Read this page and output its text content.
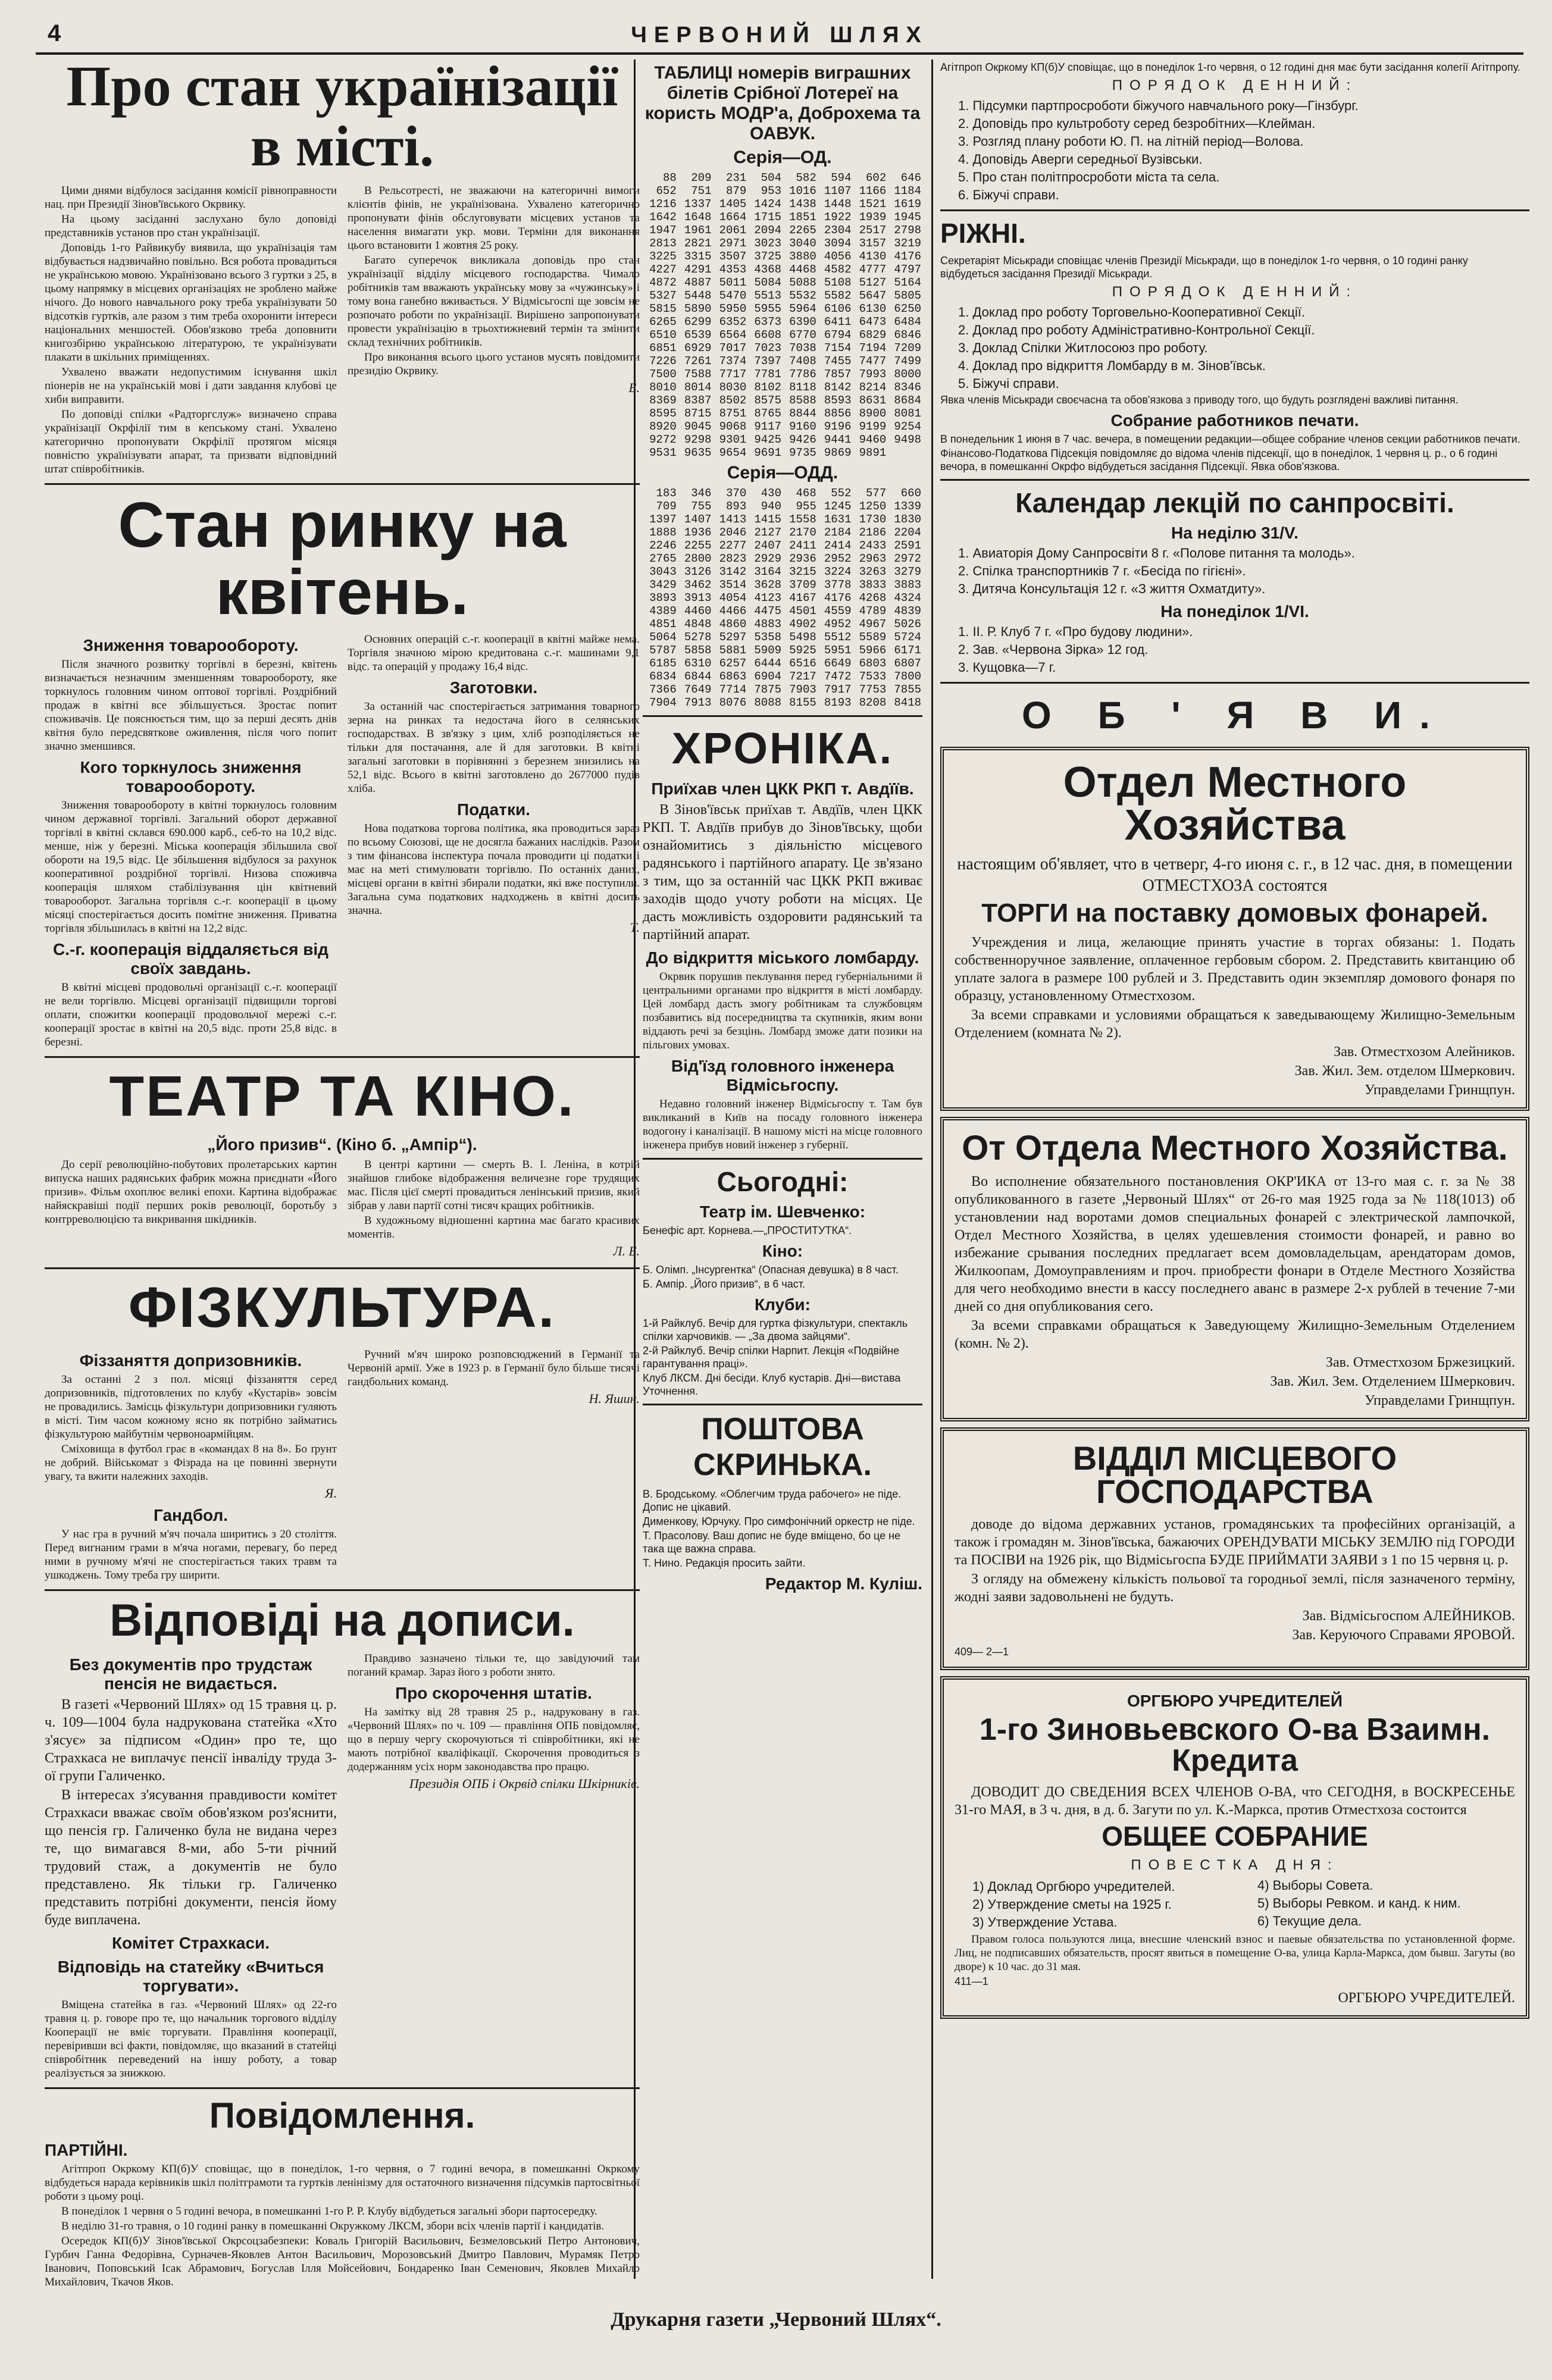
4	ЧЕРВОНИЙ ШЛЯХ
Про стан українізації в місті.
Цими днями відбулося засідання комісії рівноправности нац. при Президії Зінов'ївського Окрвику.
На цьому засіданні заслухано було доповіді представників установ про стан українізації.
Доповідь 1-го Райвикубу виявила, що українізація там відбувається надзвичайно повільно. Вся робота провадиться не українською мовою. Українізовано всього 3 гуртки з 25, в цьому напрямку в місцевих організаціях не зроблено майже нічого. До нового навчального року треба українізувати 50 відсотків гуртків, але разом з тим треба охоронити інтереси національних меншостей. Обов'язково треба доповнити книгозбірню українською літературою, те українізувати плакати в шкільних приміщеннях.
Ухвалено вважати недопустимим існування шкіл піонерів не на українській мові і дати завдання клубові це хиби виправити.
По доповіді спілки «Радторгслуж» визначено справа українізації Окрфілії тим в кепському стані. Ухвалено категорично пропонувати Окрфілії протягом місяця повністю українізувати апарат, та призвати відповідний штат співробітників.
В Рельсотресті, не зважаючи на категоричні вимоги клієнтів фінів, не українізована. Ухвалено категорично пропонувати фінів обслуговувати місцевих установ та населення вимагати укр. мови. Терміни для виконання цього встановити 1 жовтня 25 року.
Багато суперечок викликала доповідь про стан українізації відділу місцевого господарства. Чимало робітників там вважають українську мову за «чужинську» і тому вона ганебно вживається. У Відмісьгоспі ще зовсім не розпочато роботи по українізації. Вирішено запропонувати провести українізацію в трьохтижневий термін та змінити склад технічних робітників.
Про виконання всього цього установ мусять повідомити президію Окрвику.
Б.
Стан ринку на квітень.
Зниження товарообороту.
Після значного розвитку торгівлі в березні, квітень визначається незначним зменшенням товарообороту, яке торкнулось головним чином оптової торгівлі. Роздрібний продаж в квітні все збільшується. Зростає попит споживачів. Це пояснюється тим, що за перші десять днів квітня було передсвяткове оживлення, після чого попит значно зменшився.
Кого торкнулось зниження товарообороту.
Зниження товарообороту в квітні торкнулось головним чином державної торгівлі. Загальний оборот державної торгівлі в квітні склався 690.000 карб., себ-то на 10,2 відс. менше, ніж у березні. Міська кооперація збільшила свої обороти на 19,5 відс. Це збільшення відбулося за рахунок кооперативної роздрібної торгівлі. Низова споживча кооперація шляхом стабілізування цін квітневий товарооборот. Загальна торгівля с.-г. кооперації в цьому місяці спостерігається досить помітне зниження. Приватна торгівля збільшилась в квітні на 12,2 відс.
С.-г. кооперація віддаляється від своїх завдань.
В квітні місцеві продовольчі організації с.-г. кооперації не вели торгівлю. Місцеві організації підвищили торгові оплати, спожитки кооперації продовольчої мережі с.-г. кооперації зростає в квітні на 20,5 відс. проти 25,8 відс. в березні.
Основних операцій с.-г. кооперації в квітні майже нема. Торгівля значною мірою кредитована с.-г. машинами 9,1 відс. та операцій у продажу 16,4 відс.
Заготовки.
За останній час спостерігається затримання товарного зерна на ринках та недостача його в селянських господарствах. В зв'язку з цим, хліб розподіляється не тільки для постачання, але й для заготовки. В квітні загальні заготовки в порівнянні з березнем знизились на 52,1 відс. Всього в квітні заготовлено до 2677000 пудів хліба.
Податки.
Нова податкова торгова політика, яка проводиться зараз по всьому Союзові, ще не досягла бажаних наслідків. Разом з тим фінансова інспектура почала проводити ці податки і має на меті стимулювати торгівлю. По останніх даних, місцеві органи в квітні збирали податки, які вже поступили. Загальна сума податкових надходжень в квітні досить значна.
Т.
ТЕАТР ТА КІНО.
„Його призив“. (Кіно б. „Ампір“).
До серії революційно-побутових пролетарських картин випуска наших радянських фабрик можна приєднати «Його призив». Фільм охоплює великі епохи. Картина відображає найяскравіші події перших років революції, боротьбу з контрреволюцією та викривання шкідників.
В центрі картини — смерть В. І. Леніна, в котрій знайшов глибоке відображення величезне горе трудящих мас. Після цієї смерті провадиться ленінський призив, який зібрав у лави партії сотні тисяч кращих робітників.
В художньому відношенні картина має багато красивих моментів.
Л. Б.
ФІЗКУЛЬТУРА.
Фіззаняття допризовників.
За останні 2 з пол. місяці фіззаняття серед допризовників, підготовлених по клубу «Кустарів» зовсім не провадились. Замісць фізкультури допризовники гуляють в місті. Тим часом кожному ясно як потрібно займатись фізкультурою майбутнім червоноармійцям.
Сміховища в футбол грає в «командах 8 на 8». Бо ґрунт не добрий. Військомат з Фізрада на це повинні звернути увагу, та вжити належних заходів.
Я.
Гандбол.
У нас гра в ручний м'яч почала ширитись з 20 століття. Перед вигнаним грами в м'яча ногами, перевагу, бо перед ними в ручному м'ячі не спостерігається таких травм та ушкоджень. Тому треба гру ширити.
Ручний м'яч широко розповсюджений в Германії та Червоній армії. Уже в 1923 р. в Германії було більше тисячі гандбольних команд.
Н. Яшин.
Відповіді на дописи.
Без документів про трудстаж пенсія не видається.
В газеті «Червоний Шлях» од 15 травня ц. р. ч. 109—1004 була надрукована статейка «Хто з'ясує» за підписом «Один» про те, що Страхкаса не виплачує пенсії інваліду труда 3-ої групи Галиченко.
В інтересах з'ясування правдивости комітет Страхкаси вважає своїм обов'язком роз'яснити, що пенсія гр. Галиченко була не видана через те, що вимагався 8-ми, або 5-ти річний трудовий стаж, а документів не було представлено. Як тільки гр. Галиченко представить потрібні документи, пенсія йому буде виплачена.
Комітет Страхкаси.
Відповідь на статейку «Вчиться торгувати».
Вміщена статейка в газ. «Червоний Шлях» од 22-го травня ц. р. говоре про те, що начальник торгового відділу Кооперації не вміє торгувати. Правління кооперації, перевіривши всі факти, повідомляє, що вказаний в статейці співробітник переведений на іншу роботу, а товар реалізується за знижкою.
Правдиво зазначено тільки те, що завідуючий там поганий крамар. Зараз його з роботи знято.
Про скорочення штатів.
На замітку від 28 травня 25 р., надруковану в газ. «Червоний Шлях» по ч. 109 — правління ОПБ повідомляє, що в першу чергу скорочуються ті співробітники, які не мають потрібної кваліфікації. Скорочення проводиться з додержанням усіх норм законодавства про працю.
Президія ОПБ і Окрвід спілки Шкірників.
Повідомлення.
ПАРТІЙНІ.
Агітпроп Окркому КП(б)У сповіщає, що в понеділок, 1-го червня, о 7 годині вечора, в помешканні Окркому відбудеться нарада керівників шкіл політграмоти та гуртків ленінізму для остаточного визначення підсумків партосвітньої роботи з цьому році.
В понеділок 1 червня о 5 годині вечора, в помешканні 1-го Р. Р. Клубу відбудеться загальні збори партосередку.
В неділю 31-го травня, о 10 годині ранку в помешканні Окружкому ЛКСМ, збори всіх членів партії і кандидатів.
Осередок КП(б)У Зінов'ївської Окрсоцзабезпеки: Коваль Григорій Васильович, Безмеловський Петро Антонович, Гурбич Ганна Федорівна, Сурначев-Яковлев Антон Васильович, Морозовський Дмитро Павлович, Мурамяк Петро Іванович, Поповський Ісак Абрамович, Богуслав Ілля Мойсейович, Бондаренко Іван Семенович, Яковлев Михайло Михайлович, Ткачов Яков.
ТАБЛИЦІ номерів виграшних білетів Срібної Лотереї на користь МОДР'а, Доброхема та ОАВУК.
Серія—ОД.
88	209	231	504	582	594	602	646
652	751	879	953	1016	1107	1166	1184
1216	1337	1405	1424	1438	1448	1521	1619
1642	1648	1664	1715	1851	1922	1939	1945
1947	1961	2061	2094	2265	2304	2517	2798
2813	2821	2971	3023	3040	3094	3157	3219
3225	3315	3507	3725	3880	4056	4130	4176
4227	4291	4353	4368	4468	4582	4777	4797
4872	4887	5011	5084	5088	5108	5127	5164
5327	5448	5470	5513	5532	5582	5647	5805
5815	5890	5950	5955	5964	6106	6130	6250
6265	6299	6352	6373	6390	6411	6473	6484
6510	6539	6564	6608	6770	6794	6829	6846
6851	6929	7017	7023	7038	7154	7194	7209
7226	7261	7374	7397	7408	7455	7477	7499
7500	7588	7717	7781	7786	7857	7993	8000
8010	8014	8030	8102	8118	8142	8214	8346
8369	8387	8502	8575	8588	8593	8631	8684
8595	8715	8751	8765	8844	8856	8900	8081
8920	9045	9068	9117	9160	9196	9199	9254
9272	9298	9301	9425	9426	9441	9460	9498
9531	9635	9654	9691	9735	9869	9891	
Серія—ОДД.
183	346	370	430	468	552	577	660
709	755	893	940	955	1245	1250	1339
1397	1407	1413	1415	1558	1631	1730	1830
1888	1936	2046	2127	2170	2184	2186	2204
2246	2255	2277	2407	2411	2414	2433	2591
2765	2800	2823	2929	2936	2952	2963	2972
3043	3126	3142	3164	3215	3224	3263	3279
3429	3462	3514	3628	3709	3778	3833	3883
3893	3913	4054	4123	4167	4176	4268	4324
4389	4460	4466	4475	4501	4559	4789	4839
4851	4848	4860	4883	4902	4952	4967	5026
5064	5278	5297	5358	5498	5512	5589	5724
5787	5858	5881	5909	5925	5951	5966	6171
6185	6310	6257	6444	6516	6649	6803	6807
6834	6844	6863	6904	7217	7472	7533	7800
7366	7649	7714	7875	7903	7917	7753	7855
7904	7913	8076	8088	8155	8193	8208	8418
ХРОНІКА.
Приїхав член ЦКК РКП т. Авдїїв.
В Зінов'ївськ приїхав т. Авдїїв, член ЦКК РКП. Т. Авдїїв прибув до Зінов'ївську, щоби ознайомитись з діяльністю місцевого радянського і партійного апарату. Це зв'язано з тим, що за останній час ЦКК РКП вживає заходів щодо учоту роботи на місцях. Це дасть можливість оздоровити радянський та партійний апарат.
До відкриття міського ломбарду.
Окрвик порушив пеклування перед губерніальними й центральними органами про відкриття в місті ломбарду. Цей ломбард дасть змогу робітникам та службовцям позбавитись від посередництва та скупників, яким вони віддають речі за безцінь. Ломбард зможе дати позики на пільгових умовах.
Від'їзд головного інженера Відмісьгоспу.
Недавно головний інженер Відмісьгоспу т. Там був викликаний в Київ на посаду головного інженера водогону і каналізації. В нашому місті на місце головного інженера прибув новий інженер з губернії.
Сьогодні:
Театр ім. Шевченко:
Бенефіс арт. Корнева.—„ПРОСТИТУТКА“.
Кіно:
Б. Олімп. „Інсургентка“ (Опасная девушка) в 8 част.
Б. Ампір. „Його призив“, в 6 част.
Клуби:
1-й Райклуб. Вечір для гуртка фізкультури, спектакль спілки харчовиків. — „За двома зайцями“.
2-й Райклуб. Вечір спілки Нарпит. Лекція «Подвійне гарантування праці».
Клуб ЛКСМ. Дні бесіди. Клуб кустарів. Дні—вистава Уточнення.
ПОШТОВА СКРИНЬКА.
В. Бродському. «Облегчим труда рабочего» не піде. Допис не цікавий.
Дименкову, Юрчуку. Про симфонічний оркестр не піде.
Т. Прасолову. Ваш допис не буде вміщено, бо це не така ще важна справа.
Т. Нино. Редакція просить зайти.
Редактор М. Куліш.
Агітпроп Окркому КП(б)У сповіщає, що в понеділок 1-го червня, о 12 годині дня має бути засідання колегії Агітпропу.
ПОРЯДОК ДЕННИЙ:
1. Підсумки партпросроботи біжучого навчального року—Гінзбург.
2. Доповідь про культроботу серед безробітних—Клейман.
3. Розгляд плану роботи Ю. П. на літній період—Волова.
4. Доповідь Аверги середньої Вузівськи.
5. Про стан політпросроботи міста та села.
6. Біжучі справи.
РІЖНІ.
Секретаріят Міськради сповіщає членів Президії Міськради, що в понеділок 1-го червня, о 10 годині ранку відбудеться засідання Президії Міськради.
ПОРЯДОК ДЕННИЙ:
1. Доклад про роботу Торговельно-Кооперативної Секції.
2. Доклад про роботу Адміністративно-Контрольної Секції.
3. Доклад Спілки Житлосоюз про роботу.
4. Доклад про відкриття Ломбарду в м. Зінов'ївськ.
5. Біжучі справи.
Явка членів Міськради своєчасна та обов'язкова з приводу того, що будуть розглядені важливі питання.
Собрание работников печати.
В понедельник 1 июня в 7 час. вечера, в помещении редакции—общее собрание членов секции работников печати.
Фінансово-Податкова Підсекція повідомляє до відома членів підсекції, що в понеділок, 1 червня ц. р., о 6 годині вечора, в помешканні Окрфо відбудеться засідання Підсекції. Явка обов'язкова.
Календар лекцій по санпросвіті.
На неділю 31/V.
1. Авиаторія Дому Санпросвіти 8 г. «Полове питання та молодь».
2. Спілка транспортників 7 г. «Бесіда по гігієні».
3. Дитяча Консультація 12 г. «З життя Охматдиту».
На понеділок 1/VI.
1. II. Р. Клуб 7 г. «Про будову людини».
2. Зав. «Червона Зірка» 12 год.
3. Кущовка—7 г.
О Б ' Я В И.
Отдел Местного Хозяйства
настоящим об'являет, что в четверг, 4-го июня с. г., в 12 час. дня, в помещении ОТМЕСТХОЗА состоятся
ТОРГИ на поставку домовых фонарей.
Учреждения и лица, желающие принять участие в торгах обязаны: 1. Подать собственноручное заявление, оплаченное гербовым сбором. 2. Представить квитанцию об уплате залога в размере 100 рублей и 3. Представить один экземпляр домового фонаря по образцу, установленному Отместхозом.
За всеми справками и условиями обращаться к заведывающему Жилищно-Земельным Отделением (комната № 2).
Зав. Отместхозом Алейников.
Зав. Жил. Зем. отделом Шмеркович.
Управделами Гринщпун.
От Отдела Местного Хозяйства.
Во исполнение обязательного постановления ОКР'ИКА от 13-го мая с. г. за № 38 опубликованного в газете „Червоный Шлях“ от 26-го мая 1925 года за № 118(1013) об установлении над воротами домов специальных фонарей с электрической лампочкой, Отдел Местного Хозяйства, в целях удешевления стоимости фонарей, и равно во избежание срывания последних предлагает всем домовладельцам, арендаторам домов, Жилкоопам, Домоуправлениям и проч. приобрести фонари в Отделе Местного Хозяйства для чего необходимо внести в кассу последнего аванс в размере 2-х рублей в течение 7-ми дней со дня опубликования сего.
За всеми справками обращаться к Заведующему Жилищно-Земельным Отделением (комн. № 2).
Зав. Отместхозом Бржезицкий.
Зав. Жил. Зем. Отделением Шмеркович.
Управделами Гринщпун.
ВІДДІЛ МІСЦЕВОГО ГОСПОДАРСТВА
доводе до відома державних установ, громадянських та професійних організацій, а також і громадян м. Зінов'ївська, бажаючих ОРЕНДУВАТИ МІСЬКУ ЗЕМЛЮ під ГОРОДИ та ПОСІВИ на 1926 рік, що Відмісьгоспа БУДЕ ПРИЙМАТИ ЗАЯВИ з 1 по 15 червня ц. р.
З огляду на обмежену кількість польової та городньої землі, після зазначеного терміну, жодні заяви задовольнені не будуть.
Зав. Відмісьгоспом АЛЕЙНИКОВ.
Зав. Керуючого Справами ЯРОВОЙ.
409— 2—1
ОРГБЮРО УЧРЕДИТЕЛЕЙ
1-го Зиновьевского О-ва Взаимн. Кредита
ДОВОДИТ ДО СВЕДЕНИЯ ВСЕХ ЧЛЕНОВ О-ВА, что СЕГОДНЯ, в ВОСКРЕСЕНЬЕ 31-го МАЯ, в 3 ч. дня, в д. б. Загути по ул. К.-Маркса, против Отместхоза состоится
ОБЩЕЕ СОБРАНИЕ
ПОВЕСТКА ДНЯ:
1) Доклад Оргбюро учредителей.
2) Утверждение сметы на 1925 г.
3) Утверждение Устава.
4) Выборы Совета.
5) Выборы Ревком. и канд. к ним.
6) Текущие дела.
Правом голоса пользуются лица, внесшие членский взнос и паевые обязательства по установленной форме. Лиц, не подписавших обязательств, просят явиться в помещение О-ва, улица Карла-Маркса, дом бывш. Загуты (во дворе) к 10 час. до 31 мая.
411—1
ОРГБЮРО УЧРЕДИТЕЛЕЙ.
Друкарня газети „Червоний Шлях“.
